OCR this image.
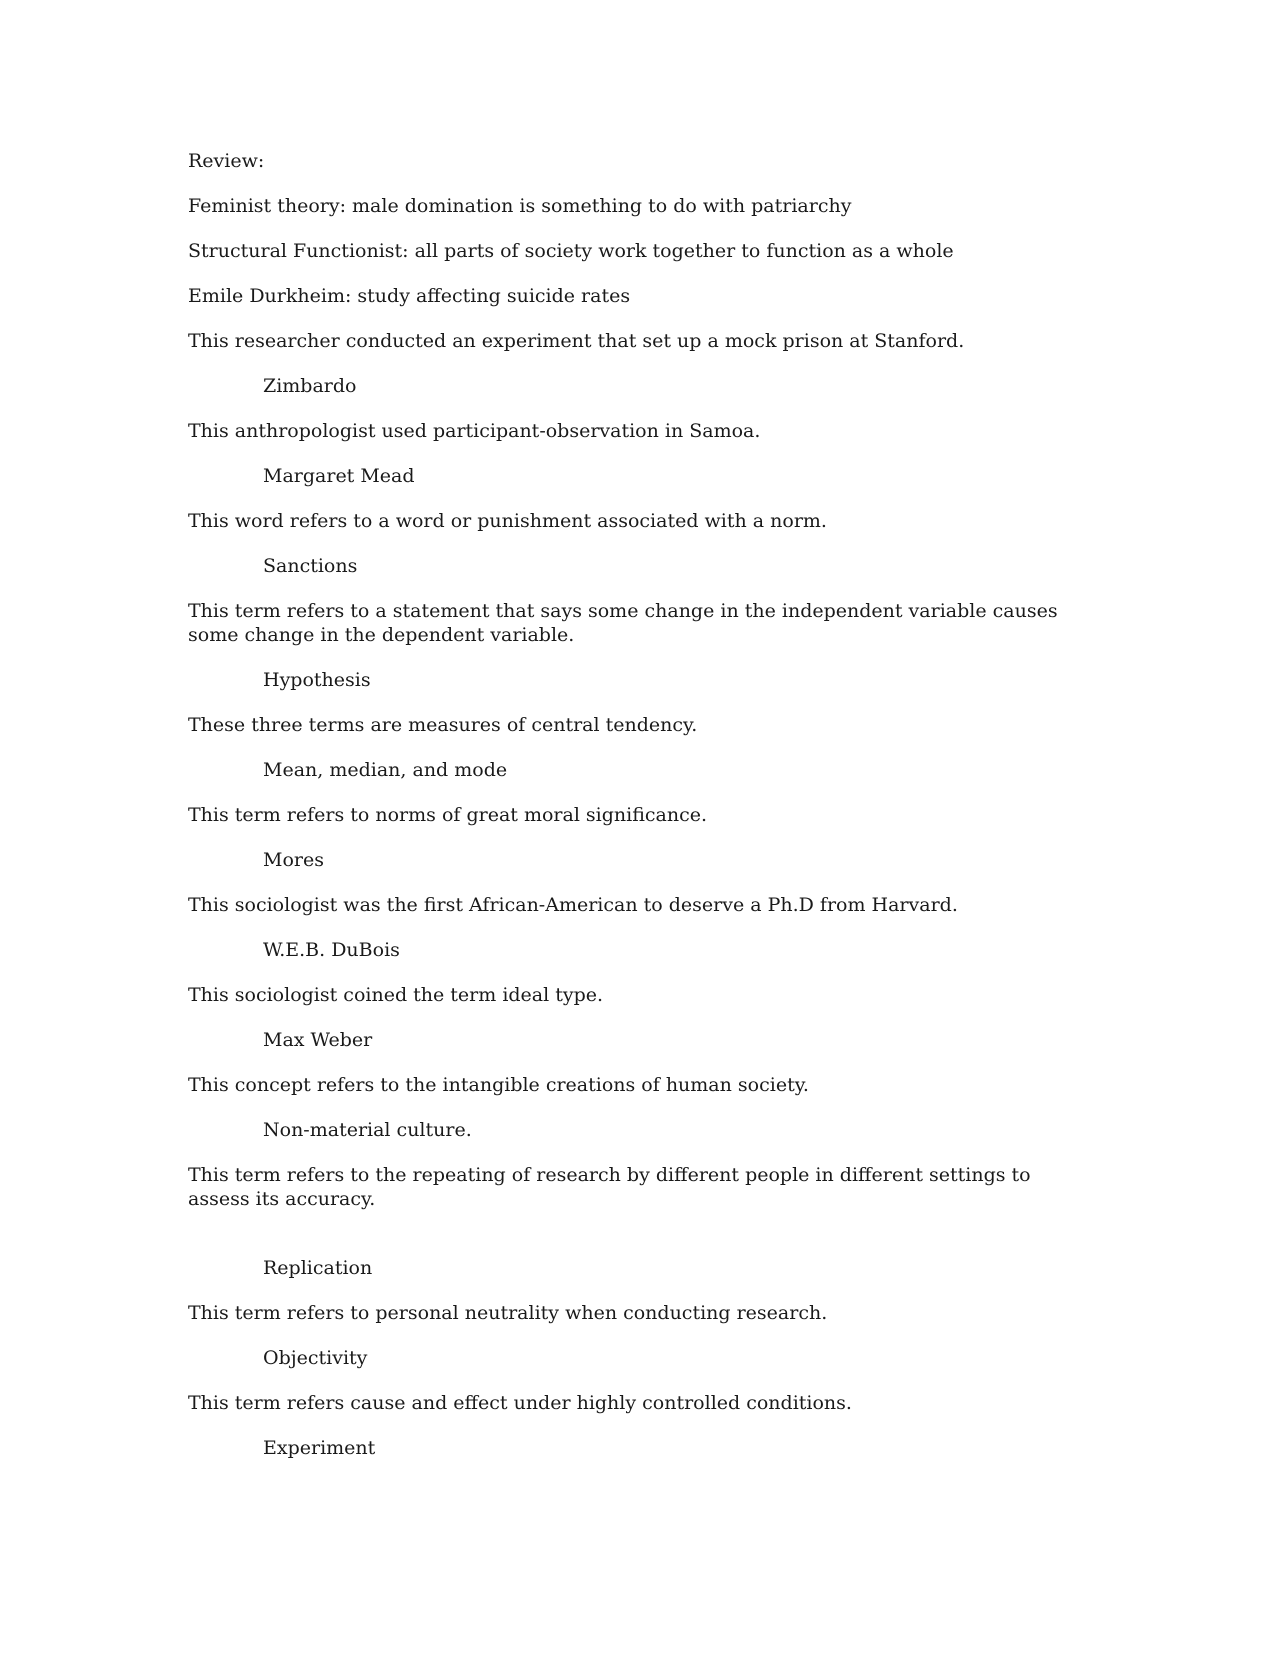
Review:

Feminist theory: male domination is something to do with patriarchy

Structural Functionist: all parts of society work together to function as a whole

Emile Durkheim: study affecting suicide rates

This researcher conducted an experiment that set up a mock prison at Stanford.

Zimbardo

This anthropologist used participant-observation in Samoa.

Margaret Mead

This word refers to a word or punishment associated with a norm.

Sanctions

This term refers to a statement that says some change in the independent variable causes some change in the dependent variable.

Hypothesis

These three terms are measures of central tendency.

Mean, median, and mode

This term refers to norms of great moral significance.

Mores

This sociologist was the first African-American to deserve a Ph.D from Harvard.

W.E.B. DuBois

This sociologist coined the term ideal type.

Max Weber

This concept refers to the intangible creations of human society.

Non-material culture.

This term refers to the repeating of research by different people in different settings to assess its accuracy.

Replication

This term refers to personal neutrality when conducting research.

Objectivity

This term refers cause and effect under highly controlled conditions.

Experiment
